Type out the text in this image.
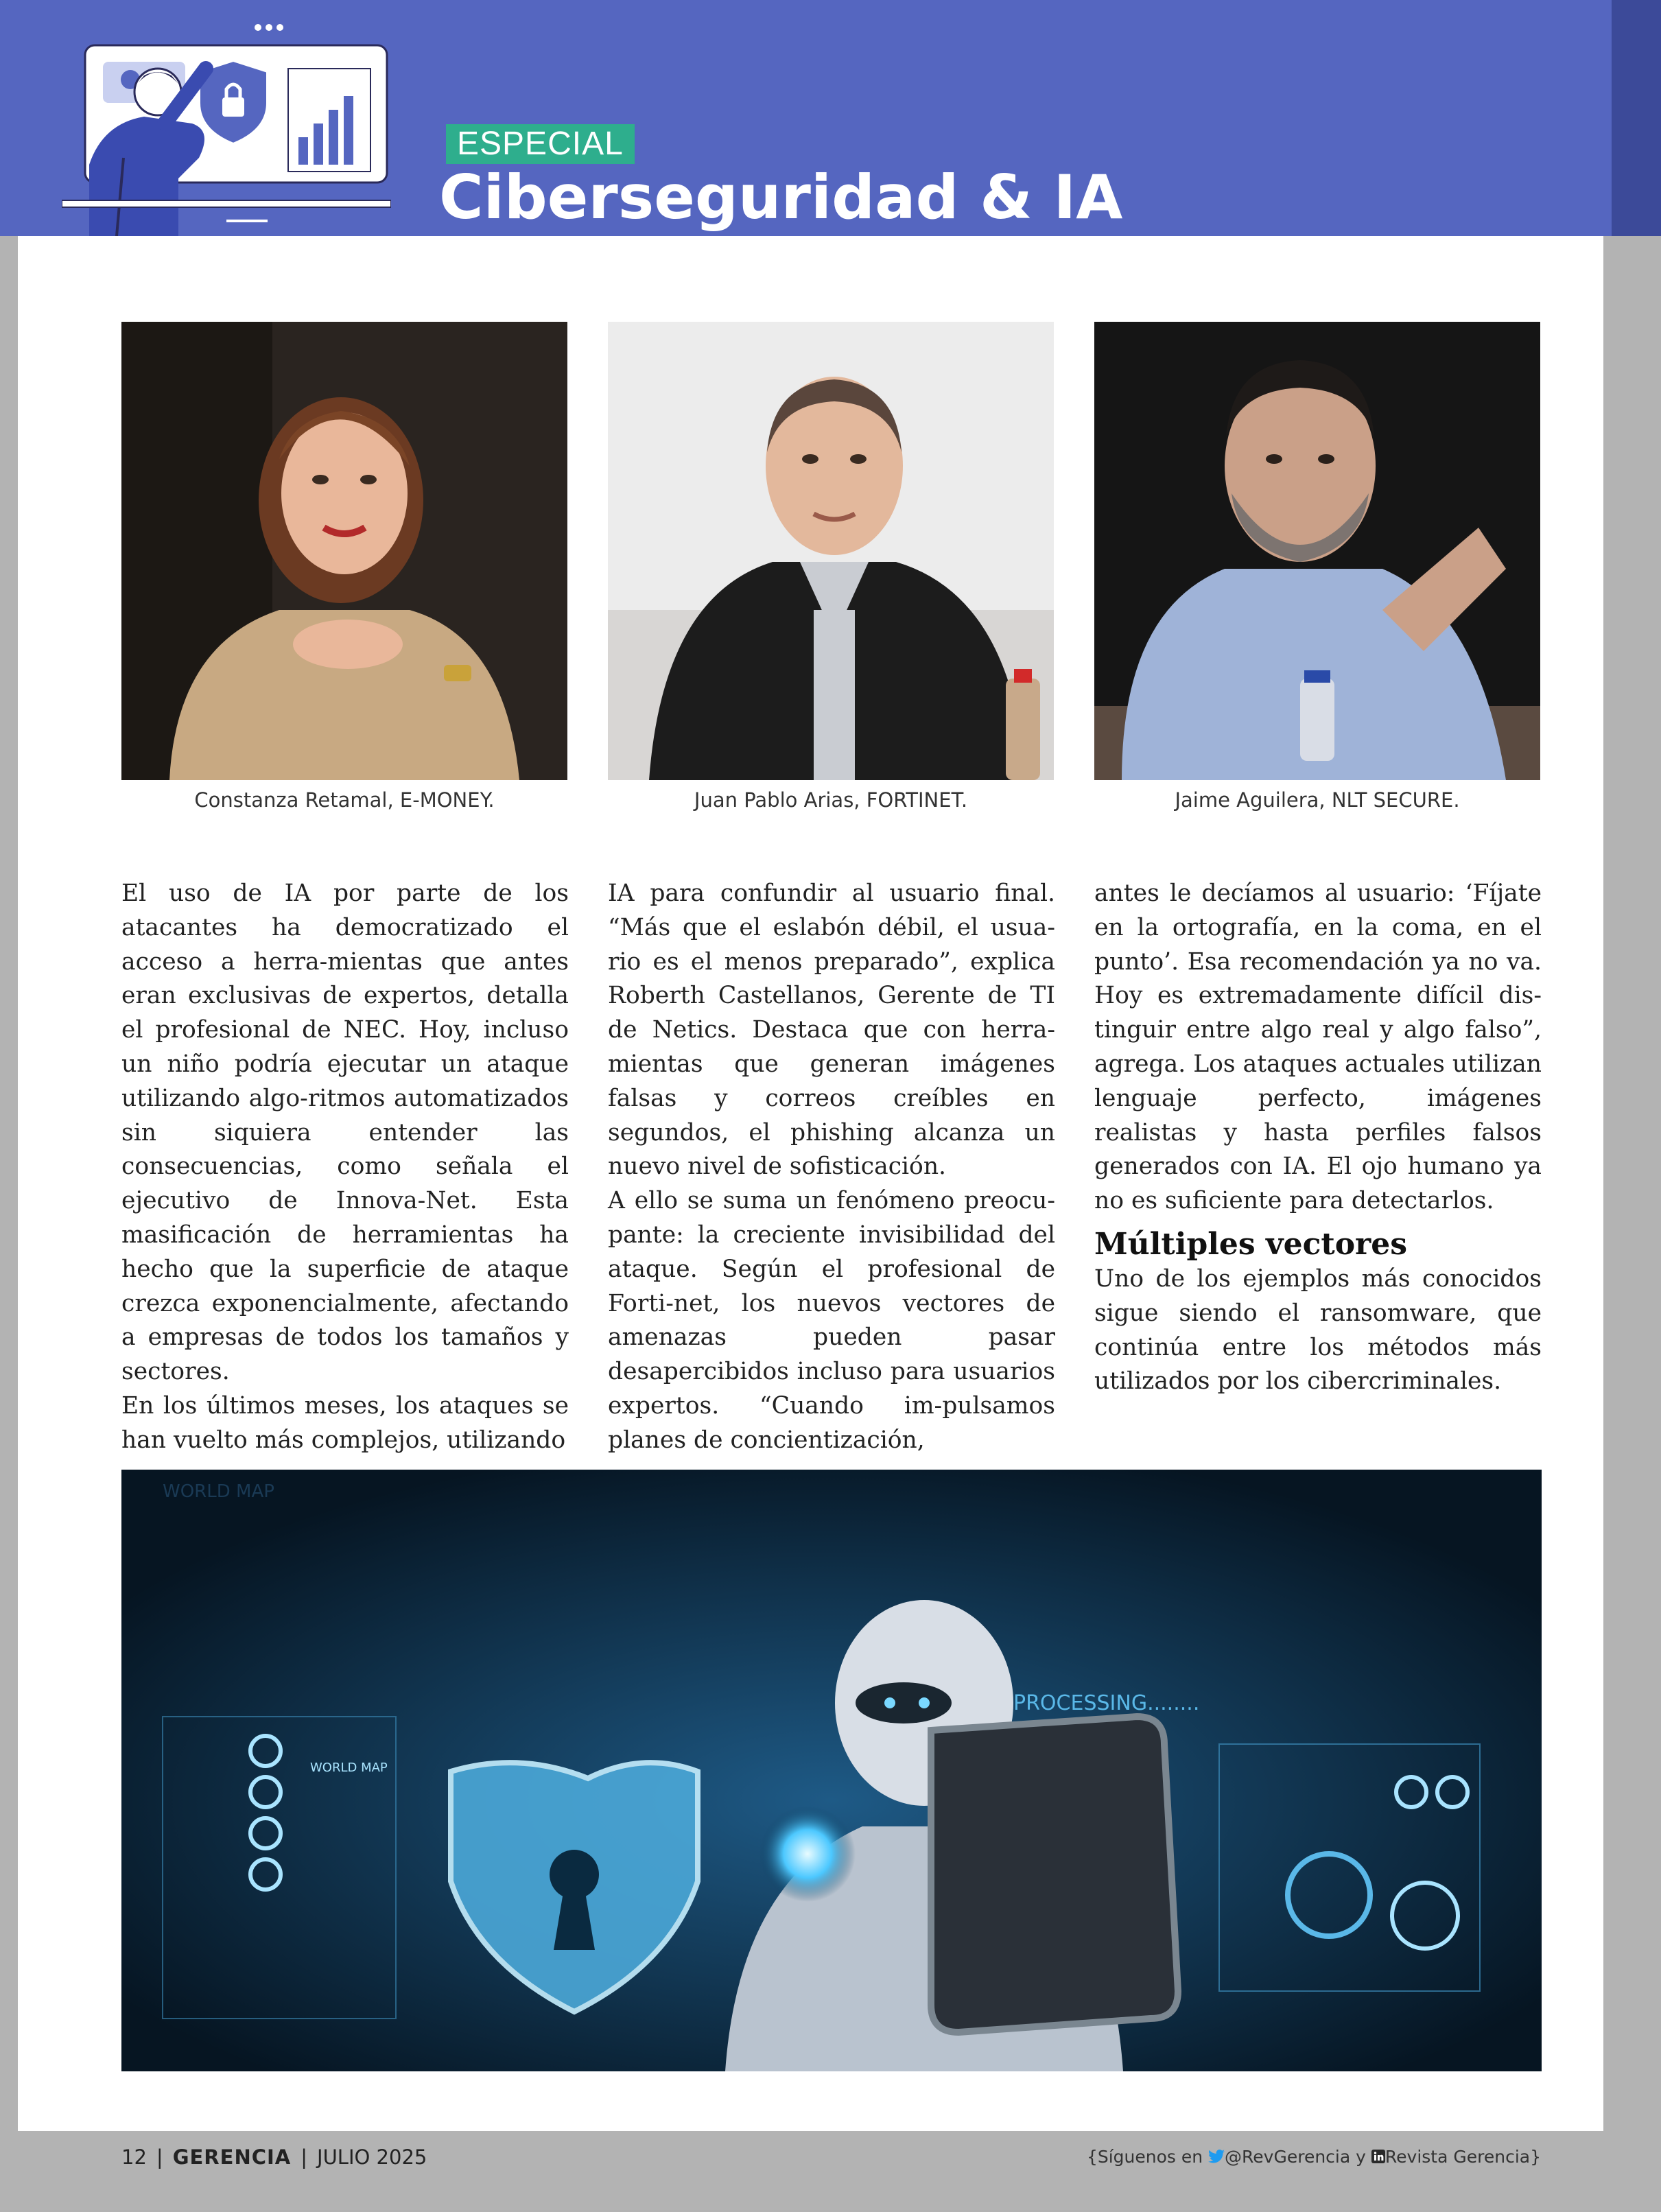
ESPECIAL
Ciberseguridad & IA
Constanza Retamal, E-MONEY.	Juan Pablo Arias, FORTINET.	Jaime Aguilera, NLT SECURE.

El uso de IA por parte de los atacantes ha democratizado el acceso a herra-mientas que antes eran exclusivas de expertos, detalla el profesional de NEC. Hoy, incluso un niño podría ejecutar un ataque utilizando algo-ritmos automatizados sin siquiera entender las consecuencias, como señala el ejecutivo de Innova-Net. Esta masificación de herramientas ha hecho que la superficie de ataque crezca exponencialmente, afectando a empresas de todos los tamaños y sectores.

En los últimos meses, los ataques se han vuelto más complejos, utilizando

IA para confundir al usuario final. “Más que el eslabón débil, el usua-rio es el menos preparado”, explica Roberth Castellanos, Gerente de TI de Netics. Destaca que con herra-mientas que generan imágenes falsas y correos creíbles en segundos, el phishing alcanza un nuevo nivel de sofisticación.

A ello se suma un fenómeno preocu-pante: la creciente invisibilidad del ataque. Según el profesional de Forti-net, los nuevos vectores de amenazas pueden pasar desapercibidos incluso para usuarios expertos. “Cuando im-pulsamos planes de concientización,

antes le decíamos al usuario: ‘Fíjate en la ortografía, en la coma, en el punto’. Esa recomendación ya no va. Hoy es extremadamente difícil dis-tinguir entre algo real y algo falso”, agrega. Los ataques actuales utilizan lenguaje perfecto, imágenes realistas y hasta perfiles falsos generados con IA. El ojo humano ya no es suficiente para detectarlos.

Múltiples vectores

Uno de los ejemplos más conocidos sigue siendo el ransomware, que continúa entre los métodos más utilizados por los cibercriminales.

WORLD MAP
WORLD MAP
PROCESSING........
12 | GERENCIA | JULIO 2025	{Síguenos en @RevGerencia y Revista Gerencia}
